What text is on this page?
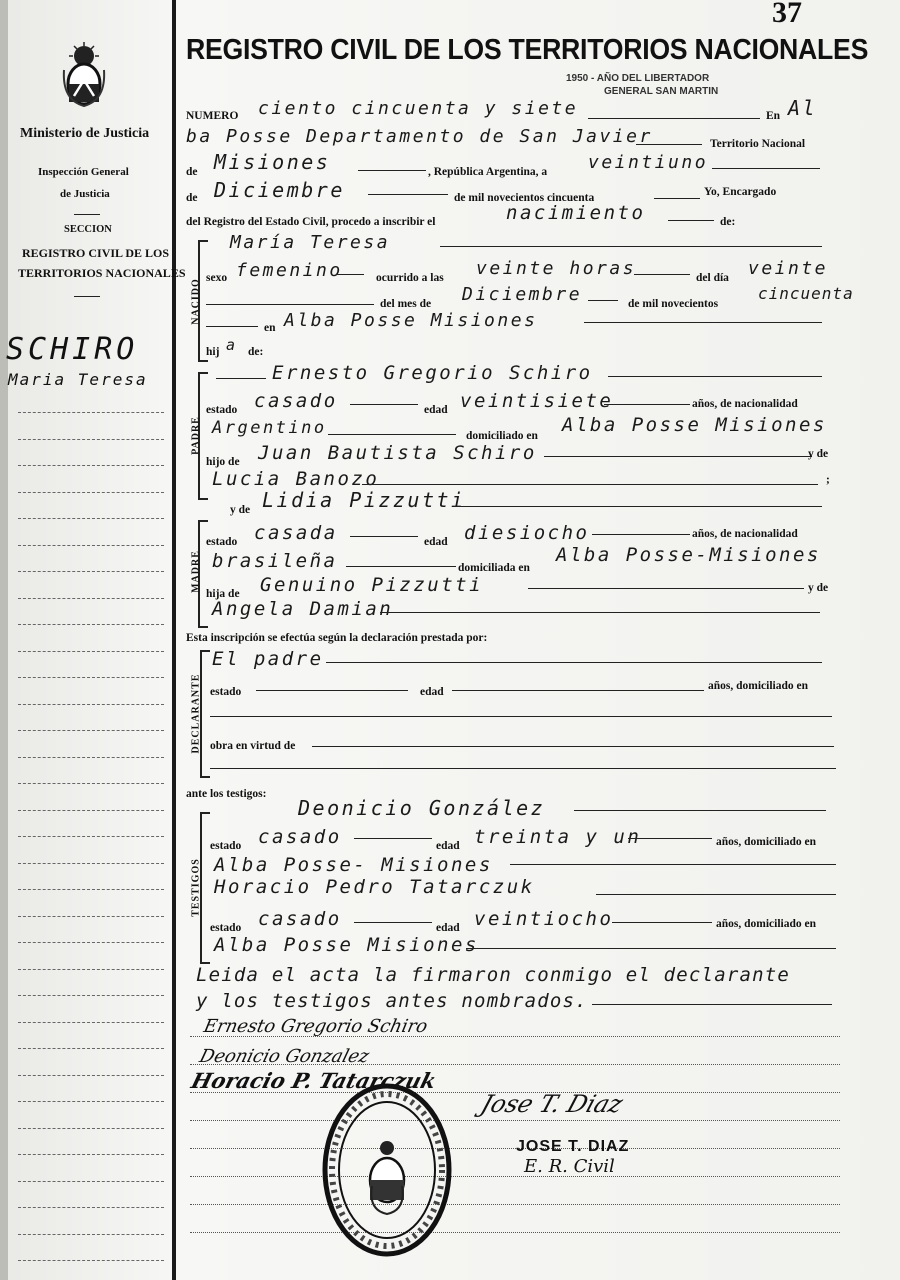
37
Ministerio de Justicia
Inspección General
de Justicia
SECCION
REGISTRO CIVIL DE LOS
TERRITORIOS NACIONALES
SCHIRO
Maria Teresa
REGISTRO CIVIL DE LOS TERRITORIOS NACIONALES
1950 - AÑO DEL LIBERTADOR
GENERAL SAN MARTIN
NUMERO ciento cincuenta y siete	En Al
ba Posse Departamento de San Javier	Territorio Nacional
de Misiones	, República Argentina, a veintiuno
de Diciembre	de mil novecientos cincuenta	Yo, Encargado
del Registro del Estado Civil, procedo a inscribir el	nacimiento	de:
NACIDO
María Teresa
sexo femenino	ocurrido a las veinte horas	del día veinte
del mes de Diciembre	de mil novecientos
cincuenta
en Alba Posse Misiones
hij a de:
PADRE
Ernesto Gregorio Schiro
estado casado	edad veintisiete	años, de nacionalidad
Argentino	domiciliado en Alba Posse Misiones
hijo de Juan Bautista Schiro	y de
Lucia Banozo	;
y de Lidia Pizzutti
MADRE
estado casada	edad diesiocho	años, de nacionalidad
brasileña	domiciliada en
Alba Posse-Misiones
hija de Genuino Pizzutti	y de
Angela Damian
Esta inscripción se efectúa según la declaración prestada por:
DECLARANTE
El padre
estado	edad	años, domiciliado en
obra en virtud de
ante los testigos:
TESTIGOS
Deonicio González
estado casado	edad treinta y un	años, domiciliado en
Alba Posse- Misiones
Horacio Pedro Tatarczuk
estado casado	edad veintiocho	años, domiciliado en
Alba Posse Misiones
Leida el acta la firmaron conmigo el declarante
y los testigos antes nombrados.
Ernesto Gregorio Schiro
Deonicio Gonzalez
Horacio P. Tatarczuk
Jose T. Diaz
JOSE T. DIAZ
E. R. Civil
